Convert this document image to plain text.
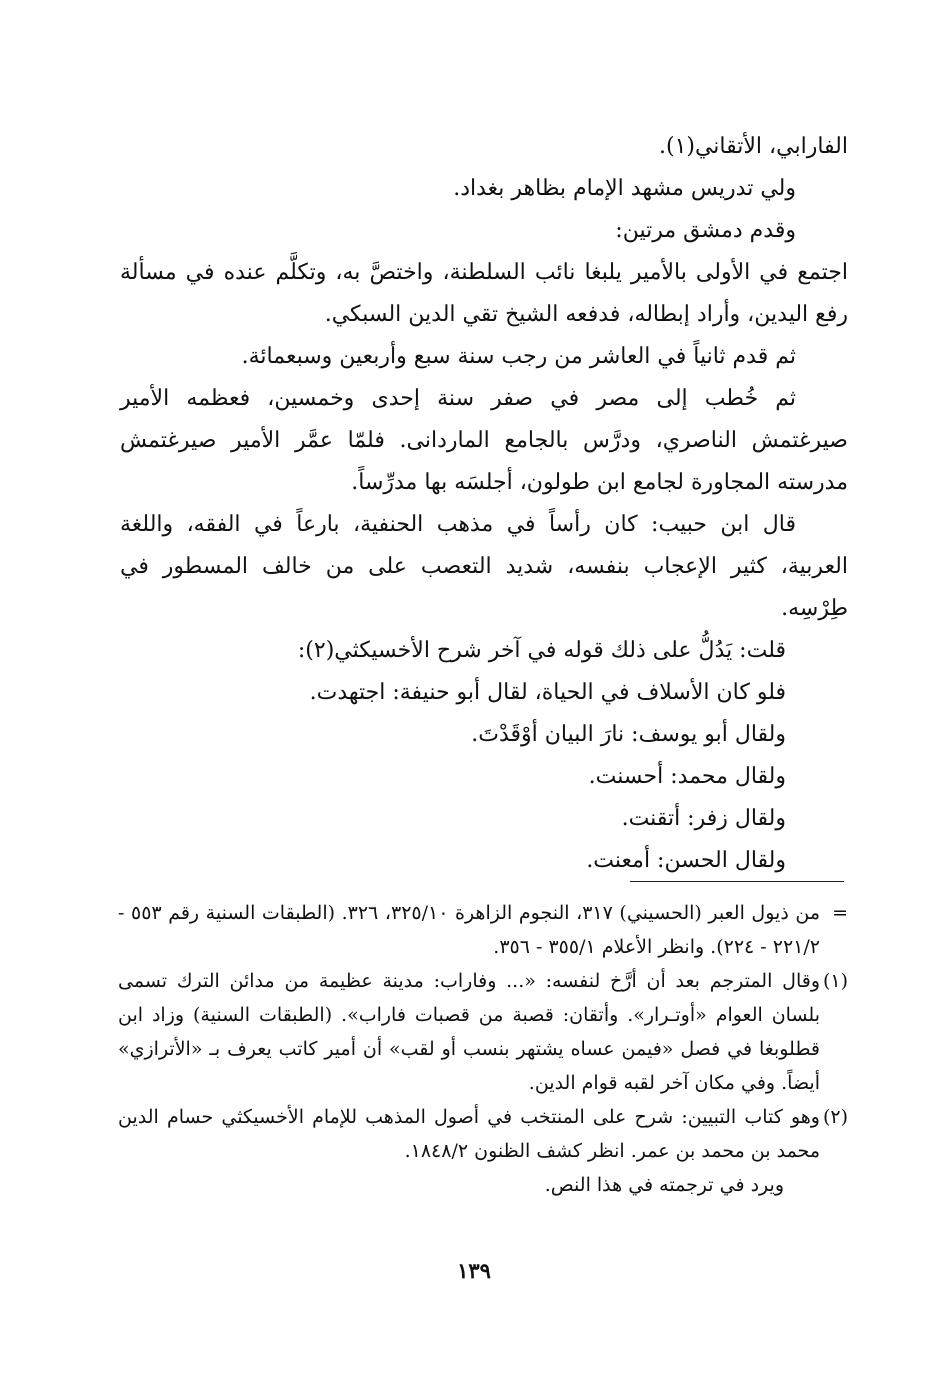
الفارابي، الأتقاني(١).

ولي تدريس مشهد الإمام بظاهر بغداد.

وقدم دمشق مرتين:

اجتمع في الأولى بالأمير يلبغا نائب السلطنة، واختصَّ به، وتكلَّم عنده في مسألة رفع اليدين، وأراد إبطاله، فدفعه الشيخ تقي الدين السبكي.

ثم قدم ثانياً في العاشر من رجب سنة سبع وأربعين وسبعمائة.

ثم خُطب إلى مصر في صفر سنة إحدى وخمسين، فعظمه الأمير صيرغتمش الناصري، ودرَّس بالجامع الماردانى. فلمّا عمَّر الأمير صيرغتمش مدرسته المجاورة لجامع ابن طولون، أجلسَه بها مدرِّساً.

قال ابن حبيب: كان رأساً في مذهب الحنفية، بارعاً في الفقه، واللغة العربية، كثير الإعجاب بنفسه، شديد التعصب على من خالف المسطور في طِرْسِه.

قلت: يَدُلُّ على ذلك قوله في آخر شرح الأخسيكثي(٢):

فلو كان الأسلاف في الحياة، لقال أبو حنيفة: اجتهدت.

ولقال أبو يوسف: نارَ البيان أوْقَدْتَ.

ولقال محمد: أحسنت.

ولقال زفر: أتقنت.

ولقال الحسن: أمعنت.

=
من ذيول العبر (الحسيني) ٣١٧، النجوم الزاهرة ٣٢٥/١٠، ٣٢٦. (الطبقات السنية رقم ٥٥٣ - ٢٢١/٢ - ٢٢٤). وانظر الأعلام ٣٥٥/١ - ٣٥٦.
(١)
وقال المترجم بعد أن أرَّخ لنفسه: «... وفاراب: مدينة عظيمة من مدائن الترك تسمى بلسان العوام «أوتـرار». وأتقان: قصبة من قصبات فاراب». (الطبقات السنية) وزاد ابن قطلوبغا في فصل «فيمن عساه يشتهر بنسب أو لقب» أن أمير كاتب يعرف بـ «الأترازي» أيضاً. وفي مكان آخر لقبه قوام الدين.
(٢)
وهو كتاب التبيين: شرح على المنتخب في أصول المذهب للإمام الأخسيكثي حسام الدين محمد بن محمد بن عمر. انظر كشف الظنون ١٨٤٨/٢.

ويرد في ترجمته في هذا النص.

١٣٩
